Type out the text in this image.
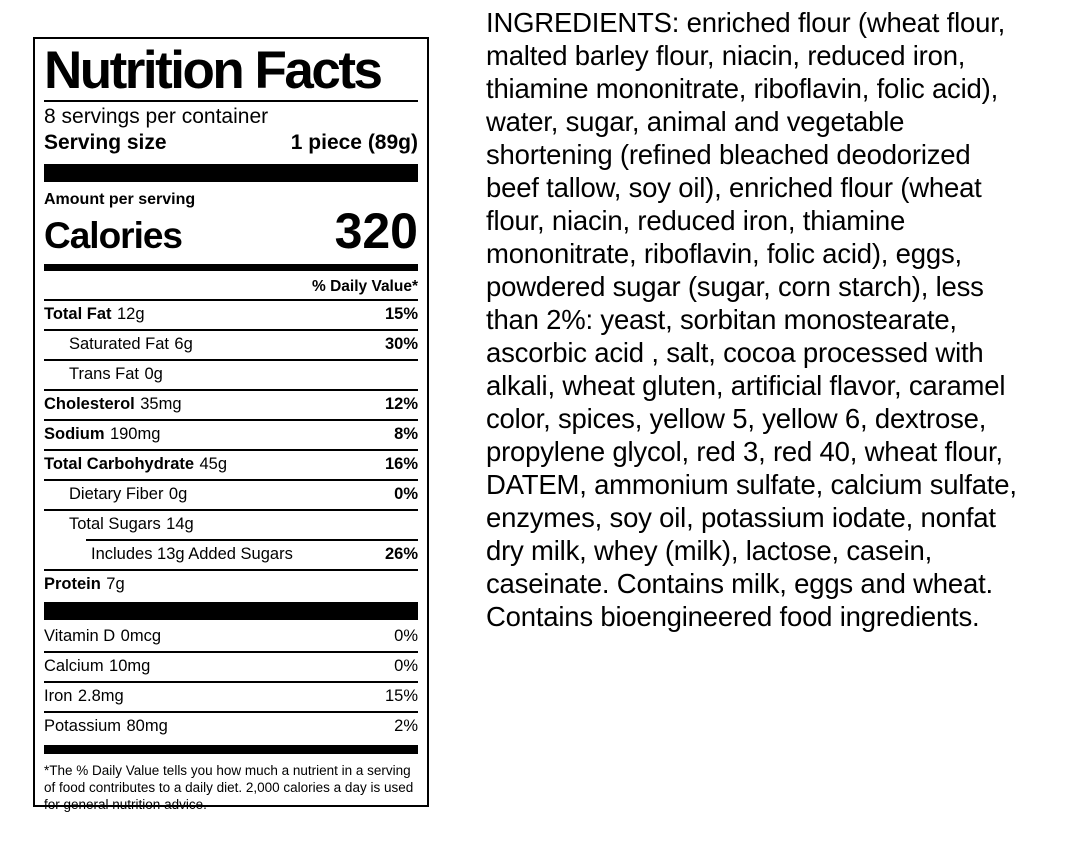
Nutrition Facts
8 servings per container
Serving size	1 piece (89g)
Amount per serving
Calories	320
% Daily Value*
Total Fat 12g	15%
Saturated Fat 6g	30%
Trans Fat 0g
Cholesterol 35mg	12%
Sodium 190mg	8%
Total Carbohydrate 45g	16%
Dietary Fiber 0g	0%
Total Sugars 14g
Includes 13g Added Sugars	26%
Protein 7g
Vitamin D 0mcg	0%
Calcium 10mg	0%
Iron 2.8mg	15%
Potassium 80mg	2%
*The % Daily Value tells you how much a nutrient in a serving of food contributes to a daily diet. 2,000 calories a day is used for general nutrition advice.
INGREDIENTS: enriched flour (wheat flour, malted barley flour, niacin, reduced iron, thiamine mononitrate, riboflavin, folic acid), water, sugar, animal and vegetable shortening (refined bleached deodorized beef tallow, soy oil), enriched flour (wheat flour, niacin, reduced iron, thiamine mononitrate, riboflavin, folic acid), eggs, powdered sugar (sugar, corn starch), less than 2%: yeast, sorbitan monostearate, ascorbic acid , salt, cocoa processed with alkali, wheat gluten, artificial flavor, caramel color, spices, yellow 5, yellow 6, dextrose, propylene glycol, red 3, red 40, wheat flour, DATEM, ammonium sulfate, calcium sulfate, enzymes, soy oil, potassium iodate, nonfat dry milk, whey (milk), lactose, casein, caseinate. Contains milk, eggs and wheat. Contains bioengineered food ingredients.
